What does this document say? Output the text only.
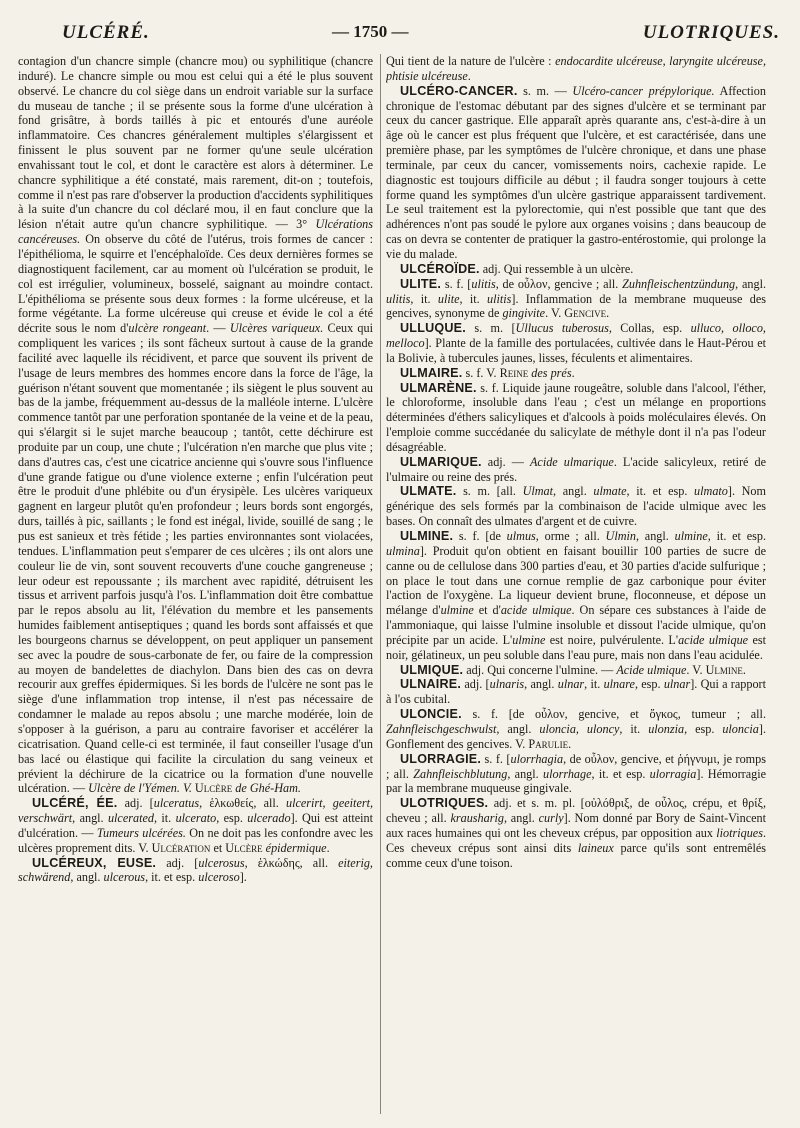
ULCÉRÉ.	— 1750 —	ULOTRIQUES.

contagion d'un chancre simple (chancre mou) ou syphilitique (chancre induré). Le chancre simple ou mou est celui qui a été le plus souvent observé. Le chancre du col siège dans un endroit variable sur la surface du museau de tanche ; il se présente sous la forme d'une ulcération à fond grisâtre, à bords taillés à pic et entourés d'une auréole inflammatoire. Ces chancres généralement multiples s'élargissent et finissent le plus souvent par ne former qu'une seule ulcération envahissant tout le col, et dont le caractère est alors à déterminer. Le chancre syphilitique a été constaté, mais rarement, dit-on ; toutefois, comme il n'est pas rare d'observer la production d'accidents syphilitiques à la suite d'un chancre du col déclaré mou, il en faut conclure que la lésion n'était autre qu'un chancre syphilitique. — 3° Ulcérations cancéreuses. On observe du côté de l'utérus, trois formes de cancer : l'épithélioma, le squirre et l'encéphaloïde. Ces deux dernières formes se diagnostiquent facilement, car au moment où l'ulcération se produit, le col est irrégulier, volumineux, bosselé, saignant au moindre contact. L'épithélioma se présente sous deux formes : la forme ulcéreuse, et la forme végétante. La forme ulcéreuse qui creuse et évide le col a été décrite sous le nom d'ulcère rongeant. — Ulcères variqueux. Ceux qui compliquent les varices ; ils sont fâcheux surtout à cause de la grande facilité avec laquelle ils récidivent, et parce que souvent ils privent de l'usage de leurs membres des hommes encore dans la force de l'âge, la guérison n'étant souvent que momentanée ; ils siègent le plus souvent au bas de la jambe, fréquemment au-dessus de la malléole interne. L'ulcère commence tantôt par une perforation spontanée de la veine et de la peau, qui s'élargit si le sujet marche beaucoup ; tantôt, cette déchirure est produite par un coup, une chute ; l'ulcération n'en marche que plus vite ; dans d'autres cas, c'est une cicatrice ancienne qui s'ouvre sous l'influence d'une grande fatigue ou d'une violence externe ; enfin l'ulcération peut être le produit d'une phlébite ou d'un érysipèle. Les ulcères variqueux gagnent en largeur plutôt qu'en profondeur ; leurs bords sont engorgés, durs, taillés à pic, saillants ; le fond est inégal, livide, souillé de sang ; le pus est sanieux et très fétide ; les parties environnantes sont violacées, tendues. L'inflammation peut s'emparer de ces ulcères ; ils ont alors une couleur lie de vin, sont souvent recouverts d'une couche gangreneuse ; leur odeur est repoussante ; ils marchent avec rapidité, détruisent les tissus et arrivent parfois jusqu'à l'os. L'inflammation doit être combattue par le repos absolu au lit, l'élévation du membre et les pansements humides faiblement antiseptiques ; quand les bords sont affaissés et que les bourgeons charnus se développent, on peut appliquer un pansement sec avec la poudre de sous-carbonate de fer, ou faire de la compression au moyen de bandelettes de diachylon. Dans bien des cas on devra recourir aux greffes épidermiques. Si les bords de l'ulcère ne sont pas le siège d'une inflammation trop intense, il n'est pas nécessaire de condamner le malade au repos absolu ; une marche modérée, loin de s'opposer à la guérison, a paru au contraire favoriser et accélérer la cicatrisation. Quand celle-ci est terminée, il faut conseiller l'usage d'un bas lacé ou élastique qui facilite la circulation du sang veineux et prévient la déchirure de la cicatrice ou la formation d'une nouvelle ulcération. — Ulcère de l'Yémen. V. Ulcère de Ghé-Ham.

ULCÉRÉ, ÉE. adj. [ulceratus, ἑλκωθείς, all. ulcerirt, geeitert, verschwärt, angl. ulcerated, it. ulcerato, esp. ulcerado]. Qui est atteint d'ulcération. — Tumeurs ulcérées. On ne doit pas les confondre avec les ulcères proprement dits. V. Ulcération et Ulcère épidermique.

ULCÉREUX, EUSE. adj. [ulcerosus, ἑλκώδης, all. eiterig, schwärend, angl. ulcerous, it. et esp. ulceroso].

Qui tient de la nature de l'ulcère : endocardite ulcéreuse, laryngite ulcéreuse, phtisie ulcéreuse.

ULCÉRO-CANCER. s. m. — Ulcéro-cancer prépylorique. Affection chronique de l'estomac débutant par des signes d'ulcère et se terminant par ceux du cancer gastrique. Elle apparaît après quarante ans, c'est-à-dire à un âge où le cancer est plus fréquent que l'ulcère, et est caractérisée, dans une première phase, par les symptômes de l'ulcère chronique, et dans une phase terminale, par ceux du cancer, vomissements noirs, cachexie rapide. Le diagnostic est toujours difficile au début ; il faudra songer toujours à cette forme quand les symptômes d'un ulcère gastrique apparaissent tardivement. Le seul traitement est la pylorectomie, qui n'est possible que tant que des adhérences n'ont pas soudé le pylore aux organes voisins ; dans beaucoup de cas on devra se contenter de pratiquer la gastro-entérostomie, qui prolonge la vie du malade.

ULCÉROÏDE. adj. Qui ressemble à un ulcère.

ULITE. s. f. [ulitis, de οὖλον, gencive ; all. Zuhnfleischentzündung, angl. ulitis, it. ulite, it. ulitis]. Inflammation de la membrane muqueuse des gencives, synonyme de gingivite. V. Gencive.

ULLUQUE. s. m. [Ullucus tuberosus, Collas, esp. ulluco, olloco, melloco]. Plante de la famille des portulacées, cultivée dans le Haut-Pérou et la Bolivie, à tubercules jaunes, lisses, féculents et alimentaires.

ULMAIRE. s. f. V. Reine des prés.

ULMARÈNE. s. f. Liquide jaune rougeâtre, soluble dans l'alcool, l'éther, le chloroforme, insoluble dans l'eau ; c'est un mélange en proportions déterminées d'éthers salicyliques et d'alcools à poids moléculaires élevés. On l'emploie comme succédanée du salicylate de méthyle dont il n'a pas l'odeur désagréable.

ULMARIQUE. adj. — Acide ulmarique. L'acide salicyleux, retiré de l'ulmaire ou reine des prés.

ULMATE. s. m. [all. Ulmat, angl. ulmate, it. et esp. ulmato]. Nom générique des sels formés par la combinaison de l'acide ulmique avec les bases. On connaît des ulmates d'argent et de cuivre.

ULMINE. s. f. [de ulmus, orme ; all. Ulmin, angl. ulmine, it. et esp. ulmina]. Produit qu'on obtient en faisant bouillir 100 parties de sucre de canne ou de cellulose dans 300 parties d'eau, et 30 parties d'acide sulfurique ; on place le tout dans une cornue remplie de gaz carbonique pour éviter l'action de l'oxygène. La liqueur devient brune, floconneuse, et dépose un mélange d'ulmine et d'acide ulmique. On sépare ces substances à l'aide de l'ammoniaque, qui laisse l'ulmine insoluble et dissout l'acide ulmique, qu'on précipite par un acide. L'ulmine est noire, pulvérulente. L'acide ulmique est noir, gélatineux, un peu soluble dans l'eau pure, mais non dans l'eau acidulée.

ULMIQUE. adj. Qui concerne l'ulmine. — Acide ulmique. V. Ulmine.

ULNAIRE. adj. [ulnaris, angl. ulnar, it. ulnare, esp. ulnar]. Qui a rapport à l'os cubital.

ULONCIE. s. f. [de οὖλον, gencive, et ὄγκος, tumeur ; all. Zahnfleischgeschwulst, angl. uloncia, uloncy, it. ulonzia, esp. uloncia]. Gonflement des gencives. V. Parulie.

ULORRAGIE. s. f. [ulorrhagia, de οὖλον, gencive, et ῥήγνυμι, je romps ; all. Zahnfleischblutung, angl. ulorrhage, it. et esp. ulorragia]. Hémorragie par la membrane muqueuse gingivale.

ULOTRIQUES. adj. et s. m. pl. [οὐλόθριξ, de οὖλος, crépu, et θρίξ, cheveu ; all. krausharig, angl. curly]. Nom donné par Bory de Saint-Vincent aux races humaines qui ont les cheveux crépus, par opposition aux liotriques. Ces cheveux crépus sont ainsi dits laineux parce qu'ils sont entremêlés comme ceux d'une toison.
